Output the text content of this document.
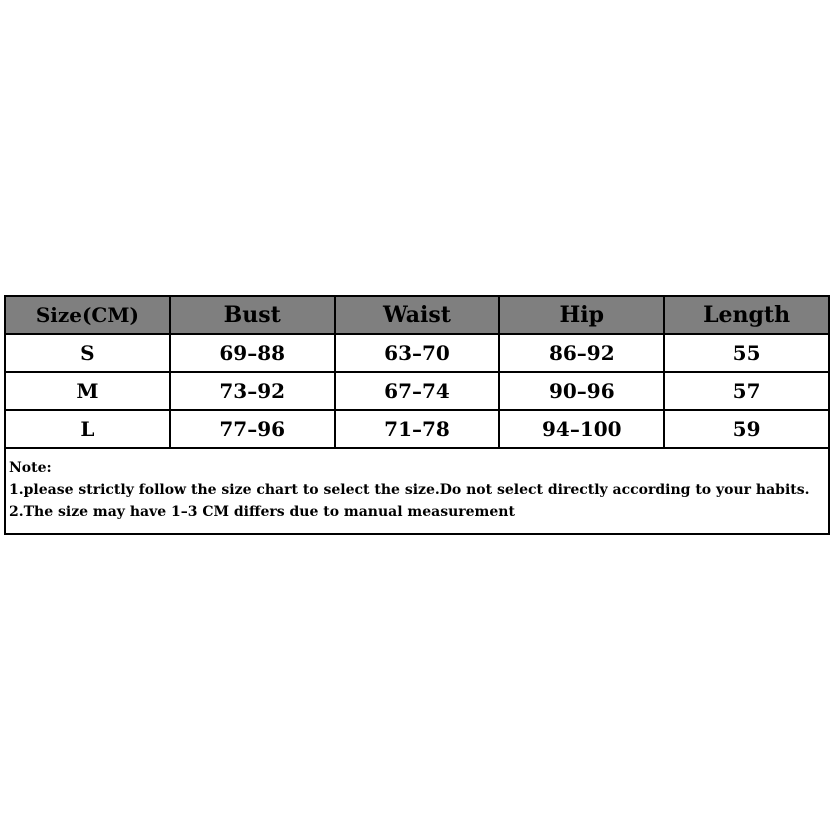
Size(CM)	Bust	Waist	Hip	Length
S	69–88	63–70	86–92	55
M	73–92	67–74	90–96	57
L	77–96	71–78	94–100	59

Note:
1.please strictly follow the size chart to select the size.Do not select directly according to your habits.
2.The size may have 1–3 CM differs due to manual measurement				
